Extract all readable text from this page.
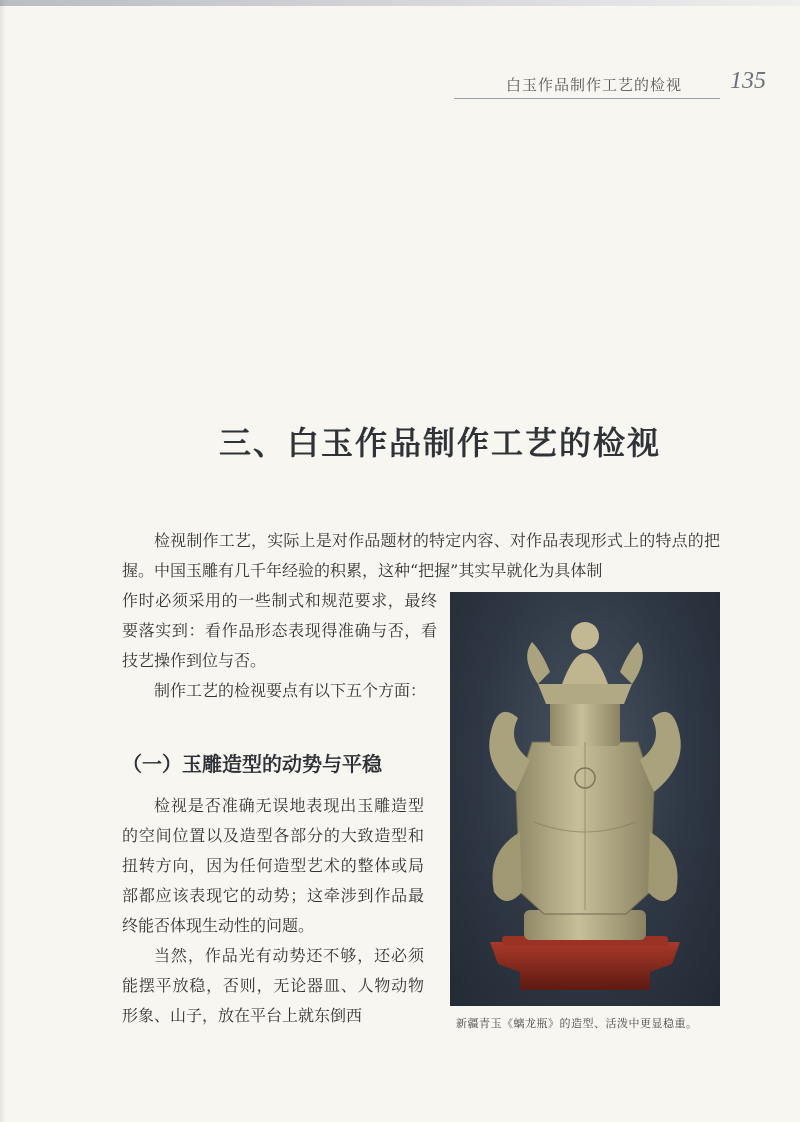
白玉作品制作工艺的检视 135
三、白玉作品制作工艺的检视

检视制作工艺，实际上是对作品题材的特定内容、对作品表现形式上的特点的把握。中国玉雕有几千年经验的积累，这种“把握”其实早就化为具体制

作时必须采用的一些制式和规范要求，最终要落实到：看作品形态表现得准确与否，看技艺操作到位与否。

制作工艺的检视要点有以下五个方面：

（一）玉雕造型的动势与平稳

检视是否准确无误地表现出玉雕造型的空间位置以及造型各部分的大致造型和扭转方向，因为任何造型艺术的整体或局部都应该表现它的动势；这牵涉到作品最终能否体现生动性的问题。

当然，作品光有动势还不够，还必须能摆平放稳，否则，无论器皿、人物动物形象、山子，放在平台上就东倒西	新疆青玉《螭龙瓶》的造型、活泼中更显稳重。
